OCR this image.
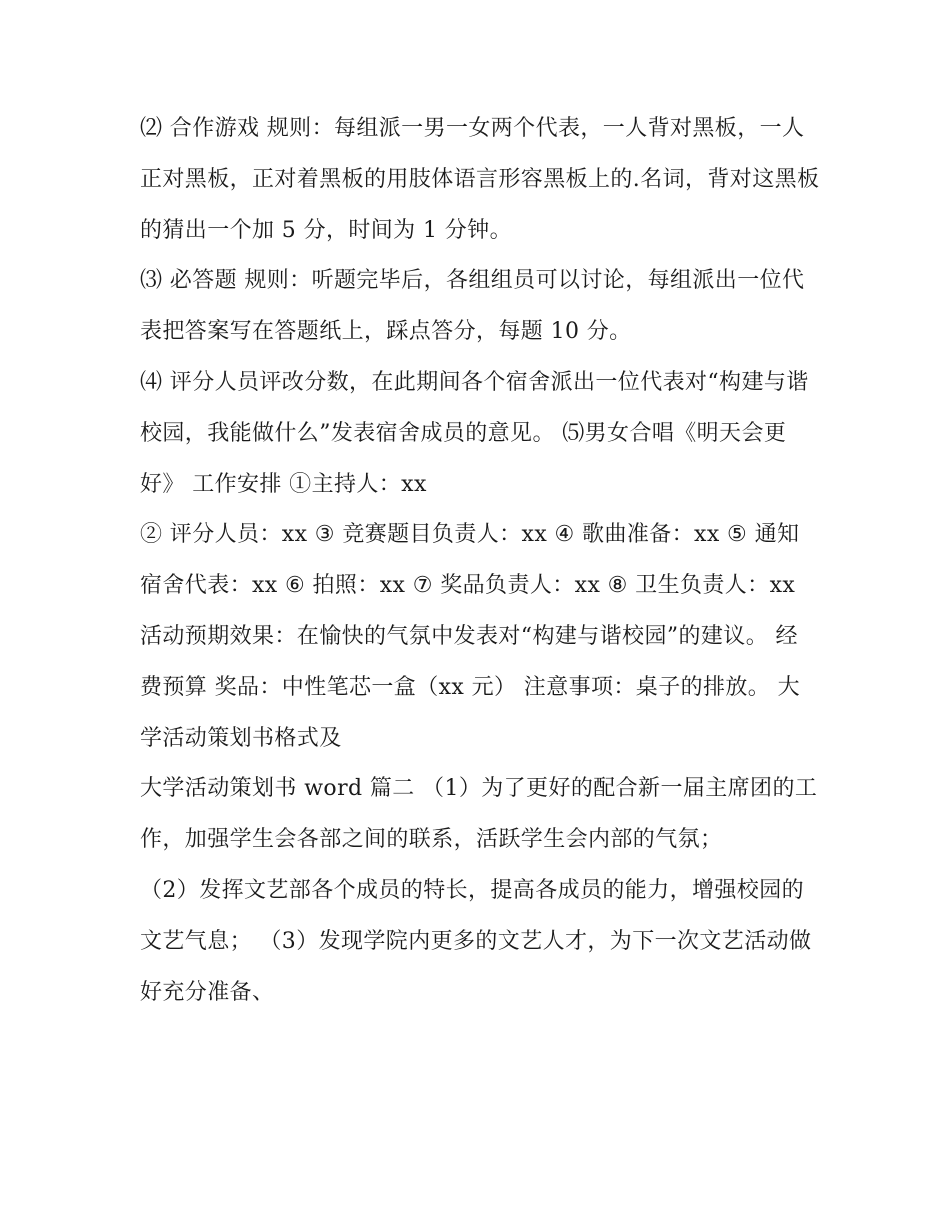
⑵ 合作游戏 规则：每组派一男一女两个代表，一人背对黑板，一人正对黑板，正对着黑板的用肢体语言形容黑板上的.名词，背对这黑板的猜出一个加 5 分，时间为 1 分钟。

⑶ 必答题 规则：听题完毕后，各组组员可以讨论，每组派出一位代表把答案写在答题纸上，踩点答分，每题 10 分。

⑷ 评分人员评改分数，在此期间各个宿舍派出一位代表对“构建与谐校园，我能做什么”发表宿舍成员的意见。 ⑸男女合唱《明天会更好》 工作安排 ①主持人：xx

② 评分人员：xx ③ 竞赛题目负责人：xx ④ 歌曲准备：xx ⑤ 通知宿舍代表：xx ⑥ 拍照：xx ⑦ 奖品负责人：xx ⑧ 卫生负责人：xx

活动预期效果：在愉快的气氛中发表对“构建与谐校园”的建议。 经费预算 奖品：中性笔芯一盒（xx 元） 注意事项：桌子的排放。 大学活动策划书格式及

大学活动策划书 word 篇二 （1）为了更好的配合新一届主席团的工作，加强学生会各部之间的联系，活跃学生会内部的气氛；

（2）发挥文艺部各个成员的特长，提高各成员的能力，增强校园的文艺气息； （3）发现学院内更多的文艺人才，为下一次文艺活动做好充分准备、
